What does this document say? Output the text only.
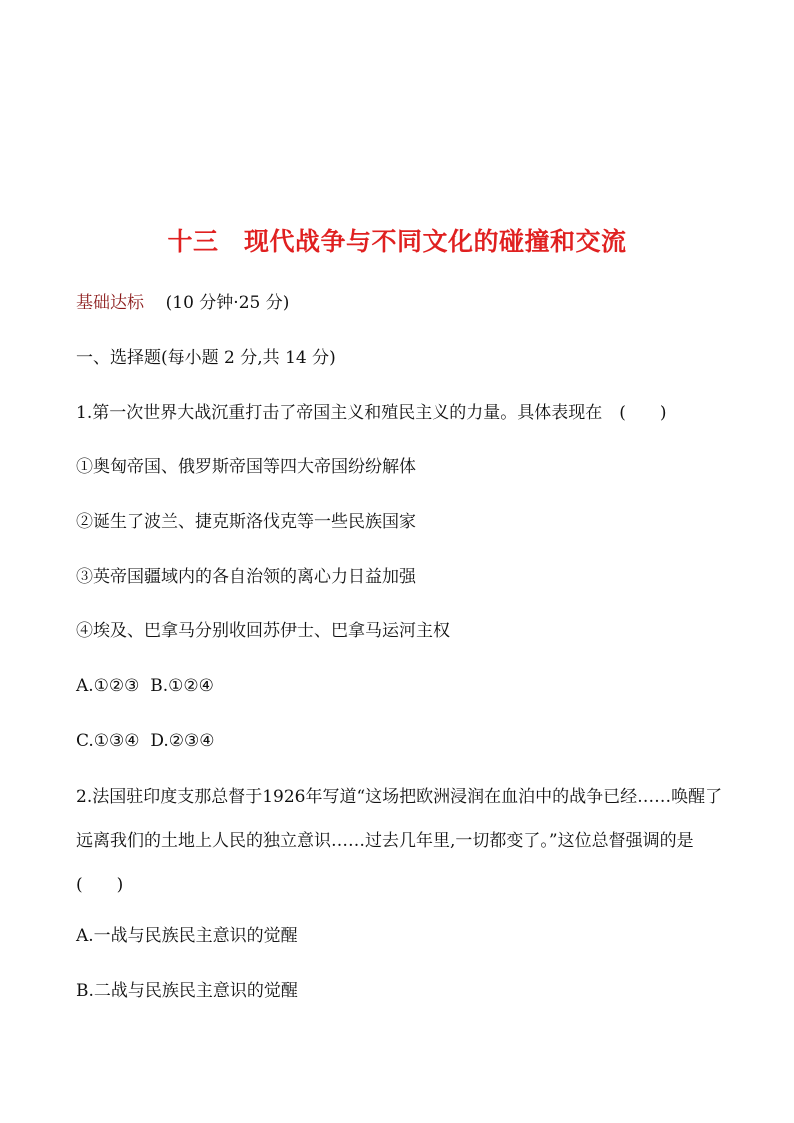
十三　现代战争与不同文化的碰撞和交流
基础达标 (10 分钟·25 分)
一、选择题(每小题 2 分,共 14 分)
1.第一次世界大战沉重打击了帝国主义和殖民主义的力量。具体表现在　(　　)
①奥匈帝国、俄罗斯帝国等四大帝国纷纷解体
②诞生了波兰、捷克斯洛伐克等一些民族国家
③英帝国疆域内的各自治领的离心力日益加强
④埃及、巴拿马分别收回苏伊士、巴拿马运河主权
A.①②③  B.①②④
C.①③④  D.②③④
2.法国驻印度支那总督于1926年写道“这场把欧洲浸润在血泊中的战争已经……唤醒了远离我们的土地上人民的独立意识……过去几年里,一切都变了。”这位总督强调的是　(　　)
A.一战与民族民主意识的觉醒
B.二战与民族民主意识的觉醒
